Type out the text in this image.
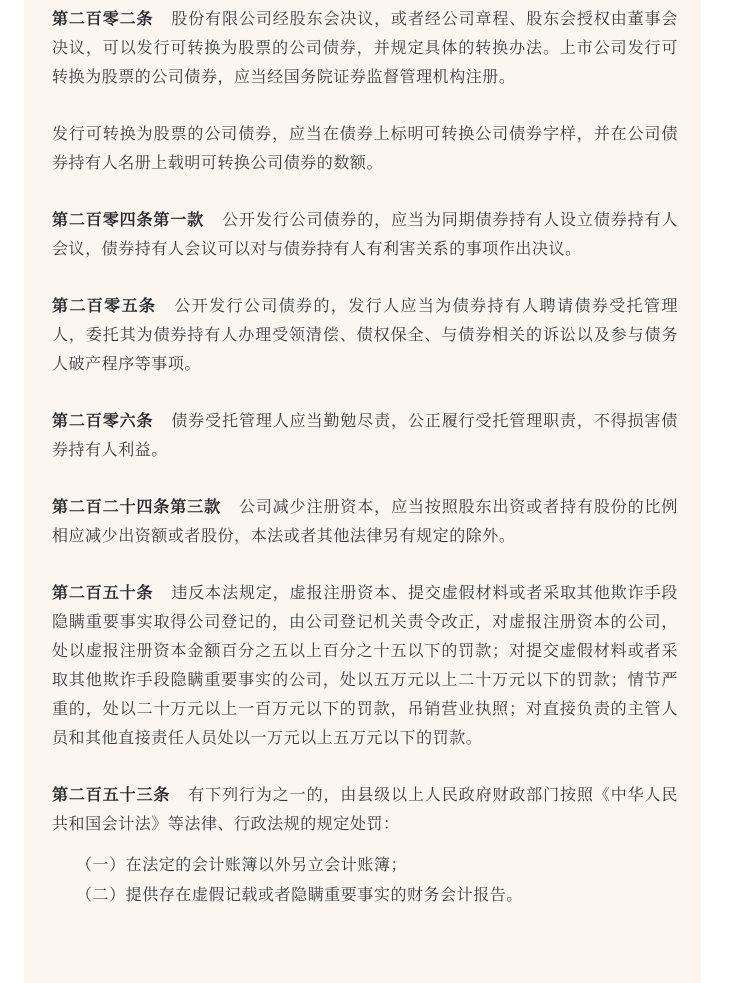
第二百零二条 股份有限公司经股东会决议，或者经公司章程、股东会授权由董事会决议，可以发行可转换为股票的公司债券，并规定具体的转换办法。上市公司发行可转换为股票的公司债券，应当经国务院证券监督管理机构注册。

发行可转换为股票的公司债券，应当在债券上标明可转换公司债券字样，并在公司债券持有人名册上载明可转换公司债券的数额。

第二百零四条第一款 公开发行公司债券的，应当为同期债券持有人设立债券持有人会议，债券持有人会议可以对与债券持有人有利害关系的事项作出决议。

第二百零五条 公开发行公司债券的，发行人应当为债券持有人聘请债券受托管理人，委托其为债券持有人办理受领清偿、债权保全、与债券相关的诉讼以及参与债务人破产程序等事项。

第二百零六条 债券受托管理人应当勤勉尽责，公正履行受托管理职责，不得损害债券持有人利益。

第二百二十四条第三款 公司减少注册资本，应当按照股东出资或者持有股份的比例相应减少出资额或者股份，本法或者其他法律另有规定的除外。

第二百五十条 违反本法规定，虚报注册资本、提交虚假材料或者采取其他欺诈手段隐瞒重要事实取得公司登记的，由公司登记机关责令改正，对虚报注册资本的公司，处以虚报注册资本金额百分之五以上百分之十五以下的罚款；对提交虚假材料或者采取其他欺诈手段隐瞒重要事实的公司，处以五万元以上二十万元以下的罚款；情节严重的，处以二十万元以上一百万元以下的罚款，吊销营业执照；对直接负责的主管人员和其他直接责任人员处以一万元以上五万元以下的罚款。

第二百五十三条 有下列行为之一的，由县级以上人民政府财政部门按照《中华人民共和国会计法》等法律、行政法规的规定处罚：

（一）在法定的会计账簿以外另立会计账簿；

（二）提供存在虚假记载或者隐瞒重要事实的财务会计报告。
